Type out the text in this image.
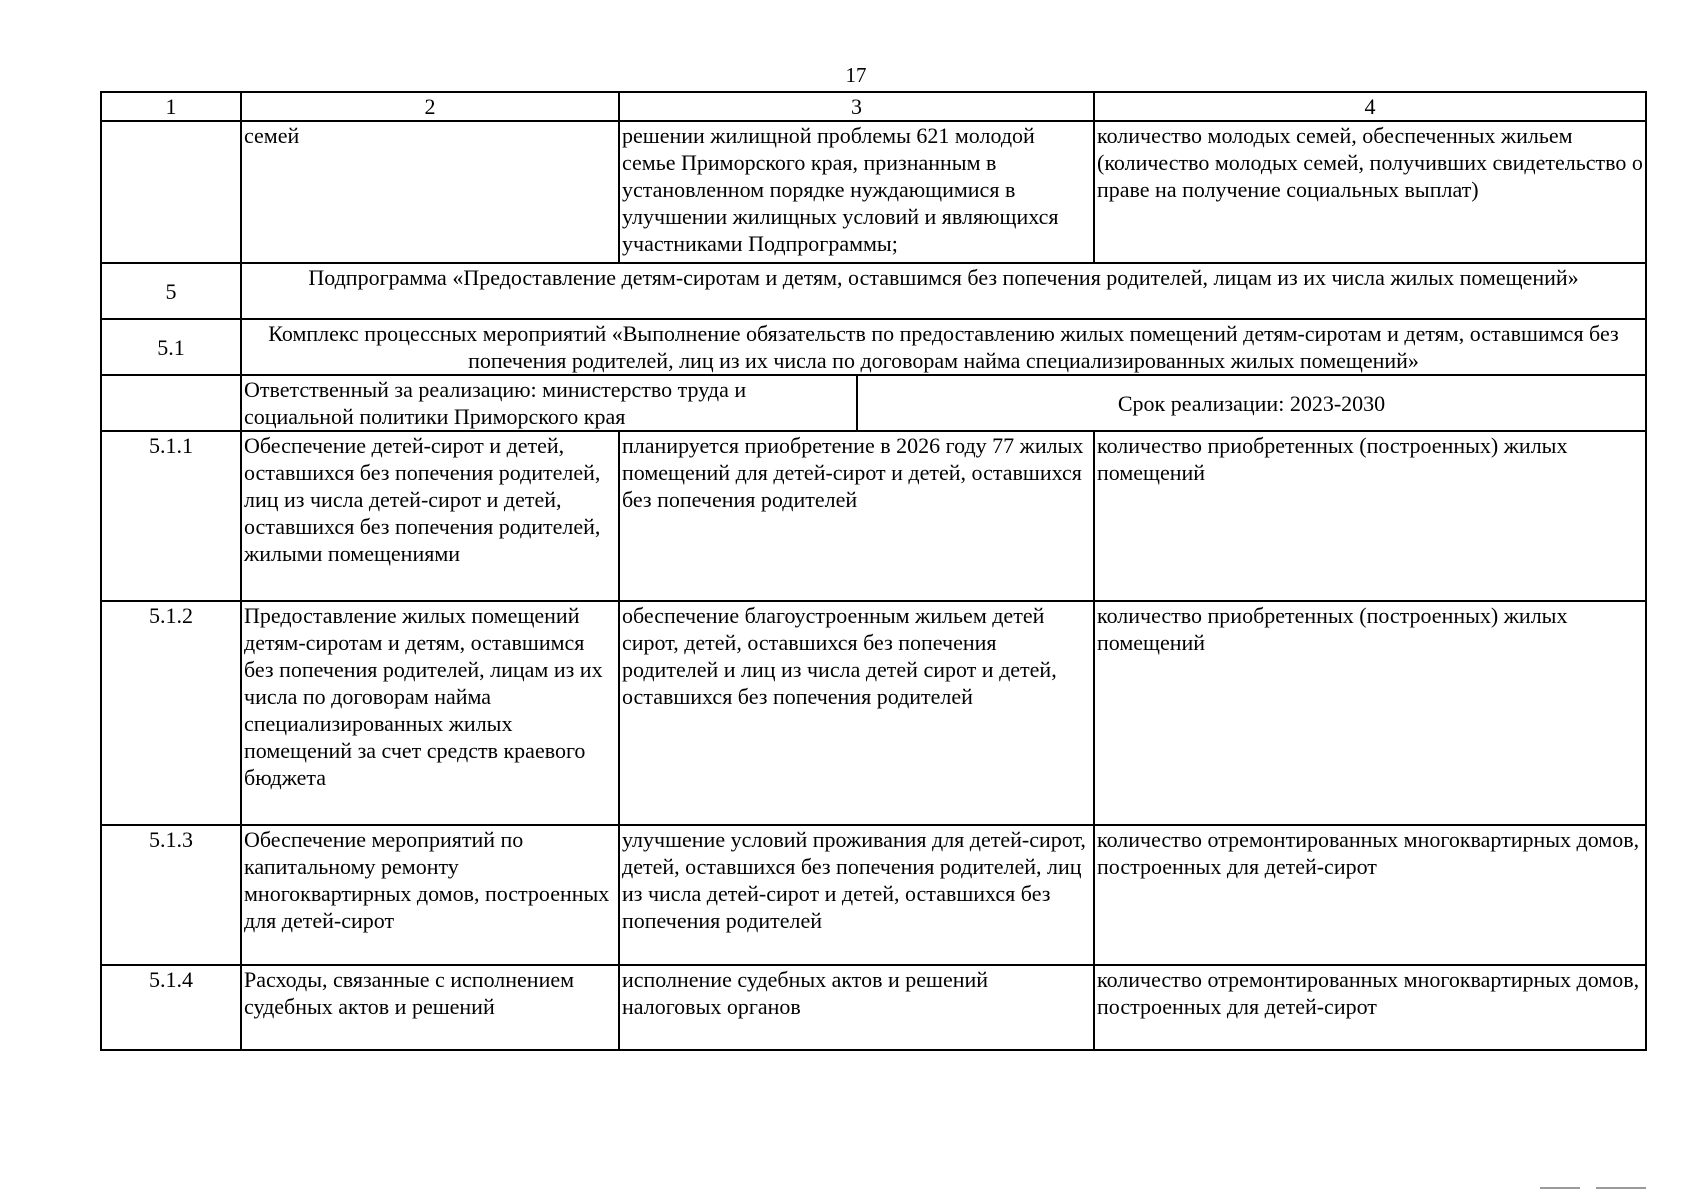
17
1	2	3	4
	семей	решении жилищной проблемы 621 молодой семье Приморского края, признанным в установленном порядке нуждающимися в улучшении жилищных условий и являющихся участниками Подпрограммы;	количество молодых семей, обеспеченных жильем (количество молодых семей, получивших свидетельство о праве на получение социальных выплат)
5	Подпрограмма «Предоставление детям-сиротам и детям, оставшимся без попечения родителей, лицам из их числа жилых помещений»
5.1	Комплекс процессных мероприятий «Выполнение обязательств по предоставлению жилых помещений детям-сиротам и детям, оставшимся без попечения родителей, лиц из их числа по договорам найма специализированных жилых помещений»

Ответственный за реализацию: министерство труда и социальной политики Приморского края	Срок реализации: 2023-2030

5.1.1	Обеспечение детей-сирот и детей, оставшихся без попечения родителей, лиц из числа детей-сирот и детей, оставшихся без попечения родителей, жилыми помещениями	планируется приобретение в 2026 году 77 жилых помещений для детей-сирот и детей, оставшихся без попечения родителей	количество приобретенных (построенных) жилых помещений
5.1.2	Предоставление жилых помещений детям-сиротам и детям, оставшимся без попечения родителей, лицам из их числа по договорам найма специализированных жилых помещений за счет средств краевого бюджета	обеспечение благоустроенным жильем детей сирот, детей, оставшихся без попечения родителей и лиц из числа детей сирот и детей, оставшихся без попечения родителей	количество приобретенных (построенных) жилых помещений
5.1.3	Обеспечение мероприятий по капитальному ремонту многоквартирных домов, построенных для детей-сирот	улучшение условий проживания для детей-сирот, детей, оставшихся без попечения родителей, лиц из числа детей-сирот и детей, оставшихся без попечения родителей	количество отремонтированных многоквартирных домов, построенных для детей-сирот
5.1.4	Расходы, связанные с исполнением судебных актов и решений	исполнение судебных актов и решений налоговых органов	количество отремонтированных многоквартирных домов, построенных для детей-сирот
